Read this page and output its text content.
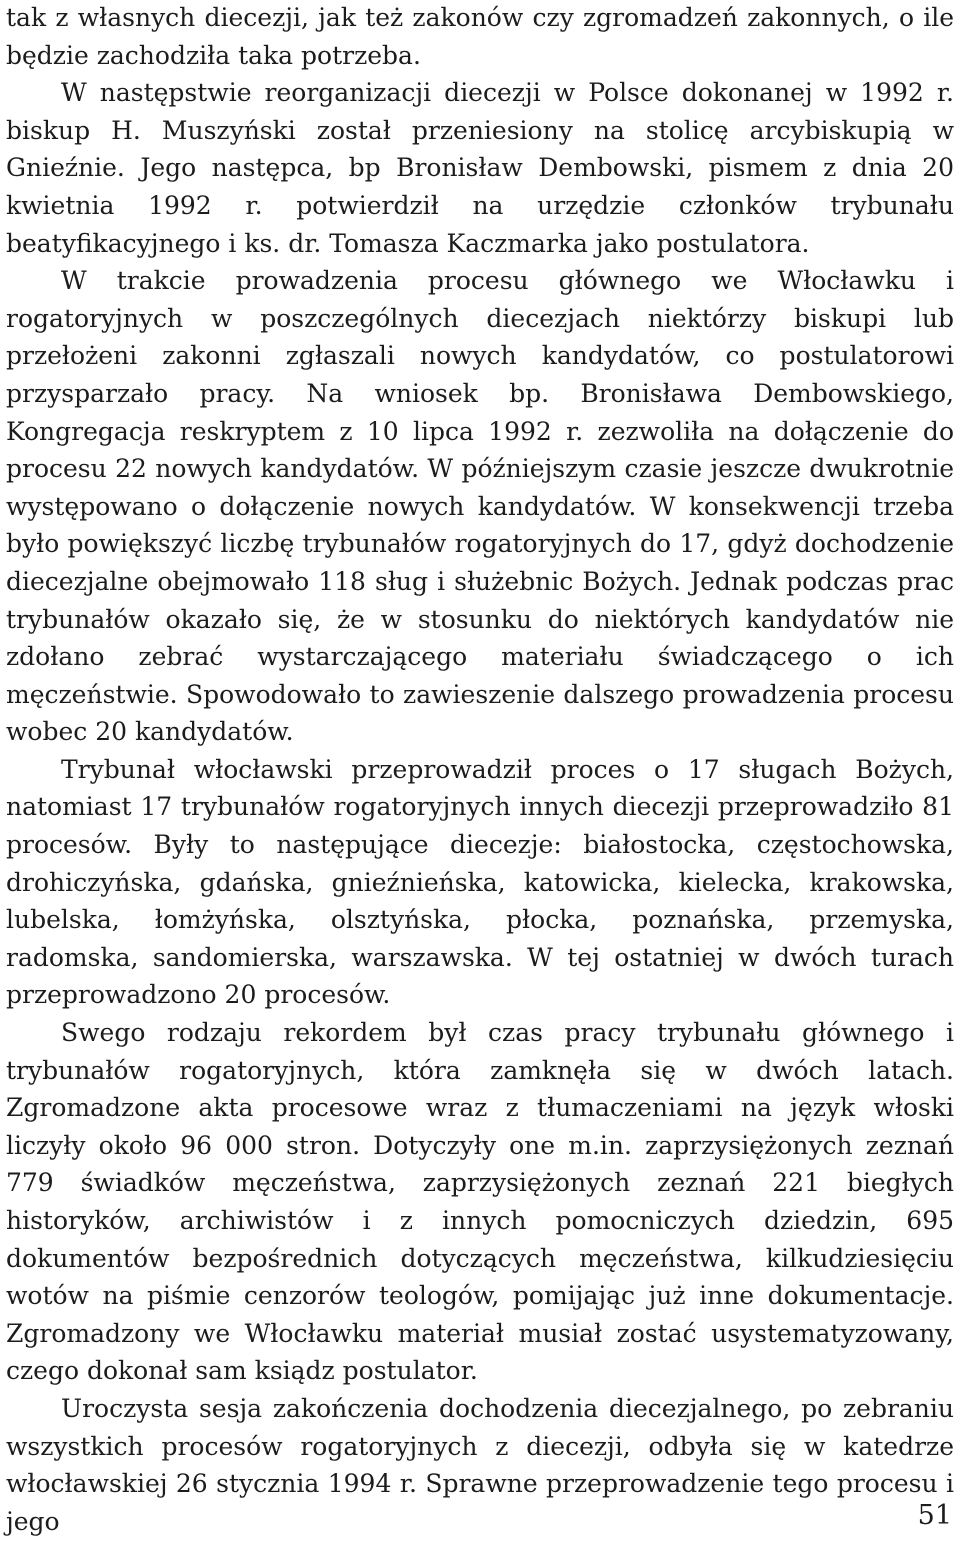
tak z własnych diecezji, jak też zakonów czy zgromadzeń zakonnych, o ile będzie zachodziła taka potrzeba.

W następstwie reorganizacji diecezji w Polsce dokonanej w 1992 r. biskup H. Muszyński został przeniesiony na stolicę arcybiskupią w Gnieźnie. Jego następca, bp Bronisław Dembowski, pismem z dnia 20 kwietnia 1992 r. potwierdził na urzędzie członków trybunału beatyfikacyjnego i ks. dr. Tomasza Kaczmarka jako postulatora.

W trakcie prowadzenia procesu głównego we Włocławku i rogatoryjnych w poszczególnych diecezjach niektórzy biskupi lub przełożeni zakonni zgłaszali nowych kandydatów, co postulatorowi przysparzało pracy. Na wniosek bp. Bronisława Dembowskiego, Kongregacja reskryptem z 10 lipca 1992 r. zezwoliła na dołączenie do procesu 22 nowych kandydatów. W późniejszym czasie jeszcze dwukrotnie występowano o dołączenie nowych kandydatów. W konsekwencji trzeba było powiększyć liczbę trybunałów rogatoryjnych do 17, gdyż dochodzenie diecezjalne obejmowało 118 sług i służebnic Bożych. Jednak podczas prac trybunałów okazało się, że w stosunku do niektórych kandydatów nie zdołano zebrać wystarczającego materiału świadczącego o ich męczeństwie. Spowodowało to zawieszenie dalszego prowadzenia procesu wobec 20 kandydatów.

Trybunał włocławski przeprowadził proces o 17 sługach Bożych, natomiast 17 trybunałów rogatoryjnych innych diecezji przeprowadziło 81 procesów. Były to następujące diecezje: białostocka, częstochowska, drohiczyńska, gdańska, gnieźnieńska, katowicka, kielecka, krakowska, lubelska, łomżyńska, olsztyńska, płocka, poznańska, przemyska, radomska, sandomierska, warszawska. W tej ostatniej w dwóch turach przeprowadzono 20 procesów.

Swego rodzaju rekordem był czas pracy trybunału głównego i trybunałów rogatoryjnych, która zamknęła się w dwóch latach. Zgromadzone akta procesowe wraz z tłumaczeniami na język włoski liczyły około 96 000 stron. Dotyczyły one m.in. zaprzysiężonych zeznań 779 świadków męczeństwa, zaprzysiężonych zeznań 221 biegłych historyków, archiwistów i z innych pomocniczych dziedzin, 695 dokumentów bezpośrednich dotyczących męczeństwa, kilkudziesięciu wotów na piśmie cenzorów teologów, pomijając już inne dokumentacje. Zgromadzony we Włocławku materiał musiał zostać usystematyzowany, czego dokonał sam ksiądz postulator.

Uroczysta sesja zakończenia dochodzenia diecezjalnego, po zebraniu wszystkich procesów rogatoryjnych z diecezji, odbyła się w katedrze włocławskiej 26 stycznia 1994 r. Sprawne przeprowadzenie tego procesu i jego	51
